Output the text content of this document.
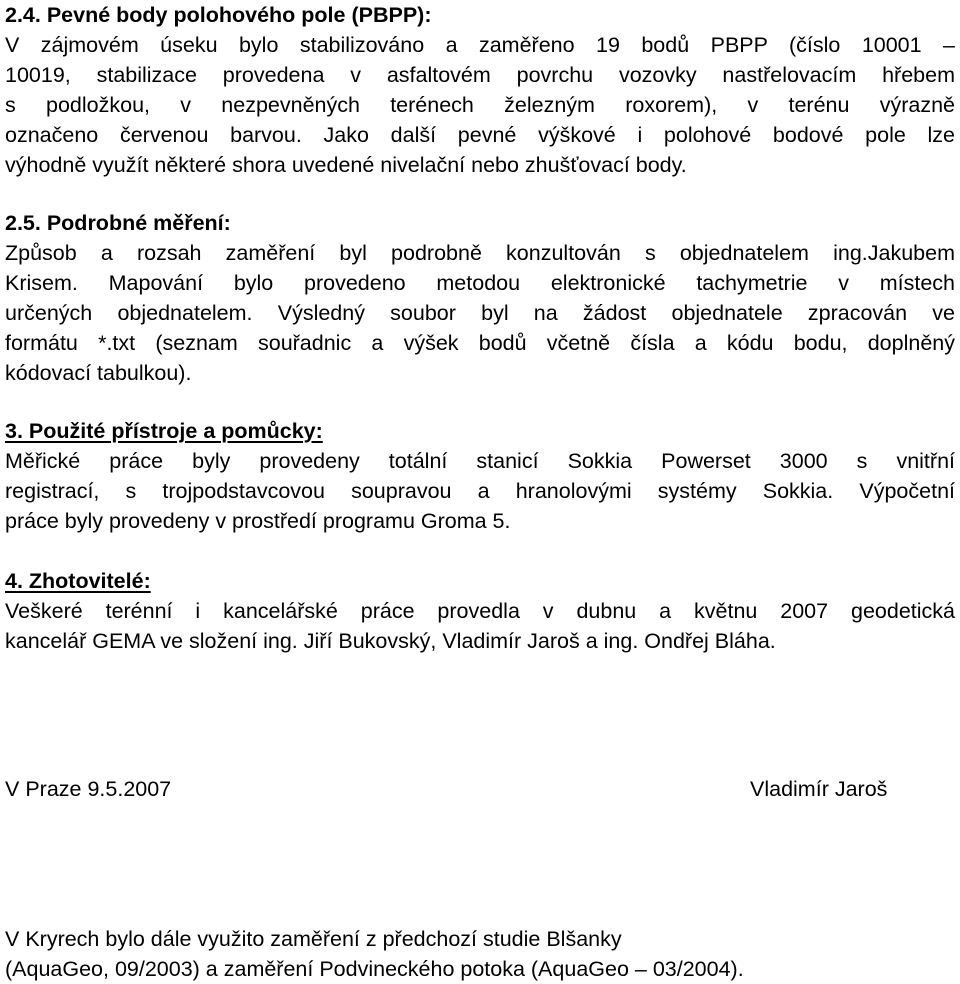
2.4. Pevné body polohového pole (PBPP):
V zájmovém úseku bylo stabilizováno a zaměřeno 19 bodů PBPP (číslo 10001 –
10019, stabilizace provedena v asfaltovém povrchu vozovky nastřelovacím hřebem
s podložkou, v nezpevněných terénech železným roxorem), v terénu výrazně
označeno červenou barvou. Jako další pevné výškové i polohové bodové pole lze
výhodně využít některé shora uvedené nivelační nebo zhušťovací body.
2.5. Podrobné měření:
Způsob a rozsah zaměření byl podrobně konzultován s objednatelem ing.Jakubem
Krisem. Mapování bylo provedeno metodou elektronické tachymetrie v místech
určených objednatelem. Výsledný soubor byl na žádost objednatele zpracován ve
formátu *.txt (seznam souřadnic a výšek bodů včetně čísla a kódu bodu, doplněný
kódovací tabulkou).
3. Použité přístroje a pomůcky:
Měřické práce byly provedeny totální stanicí Sokkia Powerset 3000 s vnitřní
registrací, s trojpodstavcovou soupravou a hranolovými systémy Sokkia. Výpočetní
práce byly provedeny v prostředí programu Groma 5.
4. Zhotovitelé:
Veškeré terénní i kancelářské práce provedla v dubnu a květnu 2007 geodetická
kancelář GEMA ve složení ing. Jiří Bukovský, Vladimír Jaroš a ing. Ondřej Bláha.
V Praze 9.5.2007	Vladimír Jaroš
V Kryrech bylo dále využito zaměření z předchozí studie Blšanky
(AquaGeo, 09/2003) a zaměření Podvineckého potoka (AquaGeo – 03/2004).
